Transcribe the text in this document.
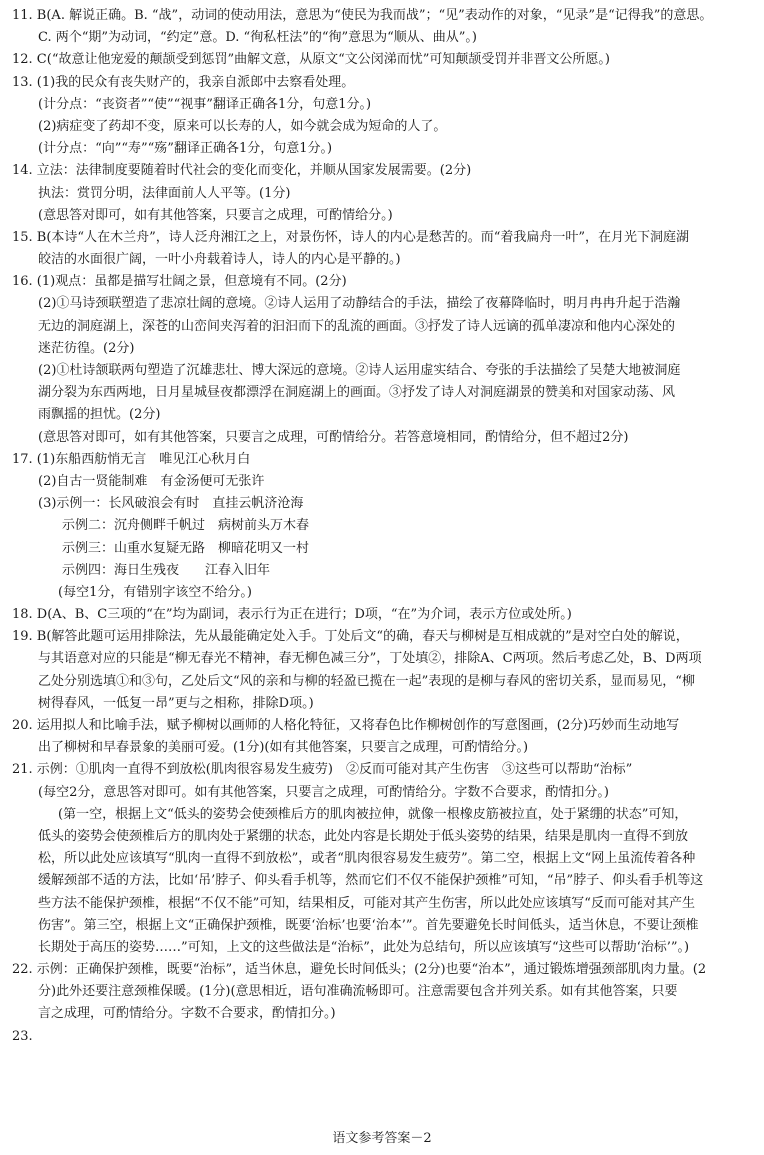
11. B(A. 解说正确。B. “战”，动词的使动用法，意思为“使民为我而战”；“见”表动作的对象，“见录”是“记得我”的意思。
C. 两个“期”为动词，“约定”意。D. “徇私枉法”的“徇”意思为“顺从、曲从”。)
12. C(“故意让他宠爱的颠颉受到惩罚”曲解文意，从原文“文公闵涕而忧”可知颠颉受罚并非晋文公所愿。)
13. (1)我的民众有丧失财产的，我亲自派郎中去察看处理。
(计分点：“丧资者”“使”“视事”翻译正确各1分，句意1分。)
(2)病症变了药却不变，原来可以长寿的人，如今就会成为短命的人了。
(计分点：“向”“寿”“殇”翻译正确各1分，句意1分。)
14. 立法：法律制度要随着时代社会的变化而变化，并顺从国家发展需要。(2分)
执法：赏罚分明，法律面前人人平等。(1分)
(意思答对即可，如有其他答案，只要言之成理，可酌情给分。)
15. B(本诗“人在木兰舟”，诗人泛舟湘江之上，对景伤怀，诗人的内心是愁苦的。而“着我扁舟一叶”，在月光下洞庭湖
皎洁的水面很广阔，一叶小舟载着诗人，诗人的内心是平静的。)
16. (1)观点：虽都是描写壮阔之景，但意境有不同。(2分)
(2)①马诗颈联塑造了悲凉壮阔的意境。②诗人运用了动静结合的手法，描绘了夜幕降临时，明月冉冉升起于浩瀚
无边的洞庭湖上，深苍的山峦间夹泻着的汩汩而下的乱流的画面。③抒发了诗人远谪的孤单凄凉和他内心深处的
迷茫彷徨。(2分)
(2)①杜诗颔联两句塑造了沉雄悲壮、博大深远的意境。②诗人运用虚实结合、夸张的手法描绘了吴楚大地被洞庭
湖分裂为东西两地，日月星城昼夜都漂浮在洞庭湖上的画面。③抒发了诗人对洞庭湖景的赞美和对国家动荡、风
雨飘摇的担忧。(2分)
(意思答对即可，如有其他答案，只要言之成理，可酌情给分。若答意境相同，酌情给分，但不超过2分)
17. (1)东船西舫悄无言　唯见江心秋月白
(2)自古一贤能制难　有金汤便可无张许
(3)示例一：长风破浪会有时　直挂云帆济沧海
示例二：沉舟侧畔千帆过　病树前头万木春
示例三：山重水复疑无路　柳暗花明又一村
示例四：海日生残夜　　江春入旧年
(每空1分，有错别字该空不给分。)
18. D(A、B、C三项的“在”均为副词，表示行为正在进行；D项，“在”为介词，表示方位或处所。)
19. B(解答此题可运用排除法，先从最能确定处入手。丁处后文“的确，春天与柳树是互相成就的”是对空白处的解说，
与其语意对应的只能是“柳无春光不精神，春无柳色减三分”，丁处填②，排除A、C两项。然后考虑乙处，B、D两项
乙处分别选填①和③句，乙处后文“风的亲和与柳的轻盈已揽在一起”表现的是柳与春风的密切关系，显而易见，“柳
树得春风，一低复一昂”更与之相称，排除D项。)
20. 运用拟人和比喻手法，赋予柳树以画师的人格化特征，又将春色比作柳树创作的写意图画，(2分)巧妙而生动地写
出了柳树和早春景象的美丽可爱。(1分)(如有其他答案，只要言之成理，可酌情给分。)
21. 示例：①肌肉一直得不到放松(肌肉很容易发生疲劳)　②反而可能对其产生伤害　③这些可以帮助“治标”
(每空2分，意思答对即可。如有其他答案，只要言之成理，可酌情给分。字数不合要求，酌情扣分。)
(第一空，根据上文“低头的姿势会使颈椎后方的肌肉被拉伸，就像一根橡皮筋被拉直，处于紧绷的状态”可知，
低头的姿势会使颈椎后方的肌肉处于紧绷的状态，此处内容是长期处于低头姿势的结果，结果是肌肉一直得不到放
松，所以此处应该填写“肌肉一直得不到放松”，或者“肌肉很容易发生疲劳”。第二空，根据上文“网上虽流传着各种
缓解颈部不适的方法，比如‘吊’脖子、仰头看手机等，然而它们不仅不能保护颈椎”可知，“吊”脖子、仰头看手机等这
些方法不能保护颈椎，根据“不仅不能”可知，结果相反，可能对其产生伤害，所以此处应该填写“反而可能对其产生
伤害”。第三空，根据上文“正确保护颈椎，既要‘治标’也要‘治本’”。首先要避免长时间低头，适当休息，不要让颈椎
长期处于高压的姿势……”可知，上文的这些做法是“治标”，此处为总结句，所以应该填写“这些可以帮助‘治标’”。)
22. 示例：正确保护颈椎，既要“治标”，适当休息，避免长时间低头；(2分)也要“治本”，通过锻炼增强颈部肌肉力量。(2
分)此外还要注意颈椎保暖。(1分)(意思相近，语句准确流畅即可。注意需要包含并列关系。如有其他答案，只要
言之成理，可酌情给分。字数不合要求，酌情扣分。)
23.
语文参考答案－2
